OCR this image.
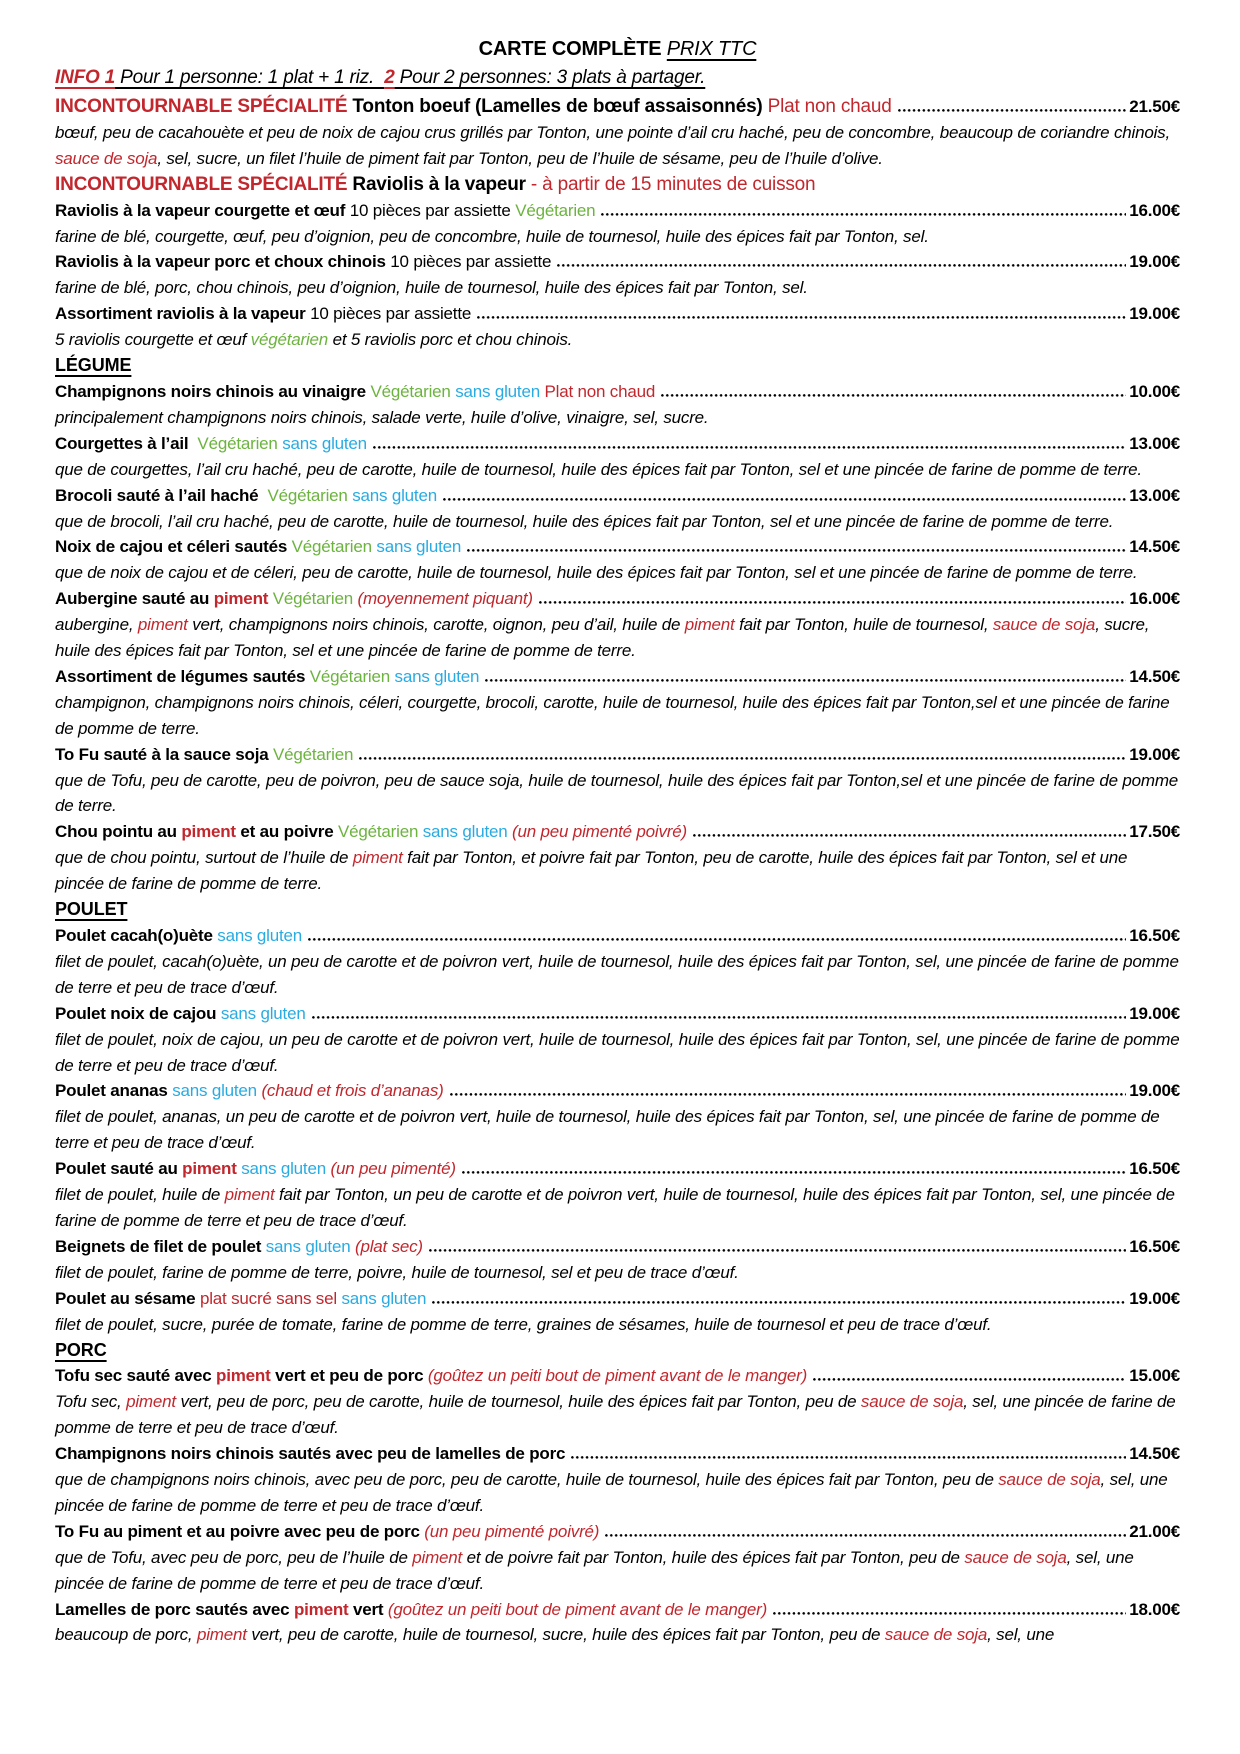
CARTE COMPLÈTE PRIX TTC
INFO 1 Pour 1 personne: 1 plat + 1 riz.  2 Pour 2 personnes: 3 plats à partager.
INCONTOURNABLE SPÉCIALITÉ Tonton boeuf (Lamelles de bœuf assaisonnés) Plat non chaud	21.50€
bœuf, peu de cacahouète et peu de noix de cajou crus grillés par Tonton, une pointe d’ail cru haché, peu de concombre, beaucoup de coriandre chinois, sauce de soja, sel, sucre, un filet l’huile de piment fait par Tonton, peu de l’huile de sésame, peu de l’huile d’olive.
INCONTOURNABLE SPÉCIALITÉ Raviolis à la vapeur - à partir de 15 minutes de cuisson
Raviolis à la vapeur courgette et œuf 10 pièces par assiette Végétarien	16.00€
farine de blé, courgette, œuf, peu d’oignion, peu de concombre, huile de tournesol, huile des épices fait par Tonton, sel.
Raviolis à la vapeur porc et choux chinois 10 pièces par assiette	19.00€
farine de blé, porc, chou chinois, peu d’oignion, huile de tournesol, huile des épices fait par Tonton, sel.
Assortiment raviolis à la vapeur 10 pièces par assiette	19.00€
5 raviolis courgette et œuf végétarien et 5 raviolis porc et chou chinois.
LÉGUME
Champignons noirs chinois au vinaigre Végétarien sans gluten Plat non chaud	10.00€
principalement champignons noirs chinois, salade verte, huile d’olive, vinaigre, sel, sucre.
Courgettes à l’ail  Végétarien sans gluten	13.00€
que de courgettes, l’ail cru haché, peu de carotte, huile de tournesol, huile des épices fait par Tonton, sel et une pincée de farine de pomme de terre.
Brocoli sauté à l’ail haché  Végétarien sans gluten	13.00€
que de brocoli, l’ail cru haché, peu de carotte, huile de tournesol, huile des épices fait par Tonton, sel et une pincée de farine de pomme de terre.
Noix de cajou et céleri sautés Végétarien sans gluten	14.50€
que de noix de cajou et de céleri, peu de carotte, huile de tournesol, huile des épices fait par Tonton, sel et une pincée de farine de pomme de terre.
Aubergine sauté au piment Végétarien (moyennement piquant)	16.00€
aubergine, piment vert, champignons noirs chinois, carotte, oignon, peu d’ail, huile de piment fait par Tonton, huile de tournesol, sauce de soja, sucre, huile des épices fait par Tonton, sel et une pincée de farine de pomme de terre.
Assortiment de légumes sautés Végétarien sans gluten	14.50€
champignon, champignons noirs chinois, céleri, courgette, brocoli, carotte, huile de tournesol, huile des épices fait par Tonton,sel et une pincée de farine de pomme de terre.
To Fu sauté à la sauce soja Végétarien	19.00€
que de Tofu, peu de carotte, peu de poivron, peu de sauce soja, huile de tournesol, huile des épices fait par Tonton,sel et une pincée de farine de pomme de terre.
Chou pointu au piment et au poivre Végétarien sans gluten (un peu pimenté poivré)	17.50€
que de chou pointu, surtout de l’huile de piment fait par Tonton, et poivre fait par Tonton, peu de carotte, huile des épices fait par Tonton, sel et une pincée de farine de pomme de terre.
POULET
Poulet cacah(o)uète sans gluten	16.50€
filet de poulet, cacah(o)uète, un peu de carotte et de poivron vert, huile de tournesol, huile des épices fait par Tonton, sel, une pincée de farine de pomme de terre et peu de trace d’œuf.
Poulet noix de cajou sans gluten	19.00€
filet de poulet, noix de cajou, un peu de carotte et de poivron vert, huile de tournesol, huile des épices fait par Tonton, sel, une pincée de farine de pomme de terre et peu de trace d’œuf.
Poulet ananas sans gluten (chaud et frois d’ananas)	19.00€
filet de poulet, ananas, un peu de carotte et de poivron vert, huile de tournesol, huile des épices fait par Tonton, sel, une pincée de farine de pomme de terre et peu de trace d’œuf.
Poulet sauté au piment sans gluten (un peu pimenté)	16.50€
filet de poulet, huile de piment fait par Tonton, un peu de carotte et de poivron vert, huile de tournesol, huile des épices fait par Tonton, sel, une pincée de farine de pomme de terre et peu de trace d’œuf.
Beignets de filet de poulet sans gluten (plat sec)	16.50€
filet de poulet, farine de pomme de terre, poivre, huile de tournesol, sel et peu de trace d’œuf.
Poulet au sésame plat sucré sans sel sans gluten	19.00€
filet de poulet, sucre, purée de tomate, farine de pomme de terre, graines de sésames, huile de tournesol et peu de trace d’œuf.
PORC
Tofu sec sauté avec piment vert et peu de porc (goûtez un peiti bout de piment avant de le manger)	15.00€
Tofu sec, piment vert, peu de porc, peu de carotte, huile de tournesol, huile des épices fait par Tonton, peu de sauce de soja, sel, une pincée de farine de pomme de terre et peu de trace d’œuf.
Champignons noirs chinois sautés avec peu de lamelles de porc	14.50€
que de champignons noirs chinois, avec peu de porc, peu de carotte, huile de tournesol, huile des épices fait par Tonton, peu de sauce de soja, sel, une pincée de farine de pomme de terre et peu de trace d’œuf.
To Fu au piment et au poivre avec peu de porc (un peu pimenté poivré)	21.00€
que de Tofu, avec peu de porc, peu de l’huile de piment et de poivre fait par Tonton, huile des épices fait par Tonton, peu de sauce de soja, sel, une pincée de farine de pomme de terre et peu de trace d’œuf.
Lamelles de porc sautés avec piment vert (goûtez un peiti bout de piment avant de le manger)	18.00€
beaucoup de porc, piment vert, peu de carotte, huile de tournesol, sucre, huile des épices fait par Tonton, peu de sauce de soja, sel, une
